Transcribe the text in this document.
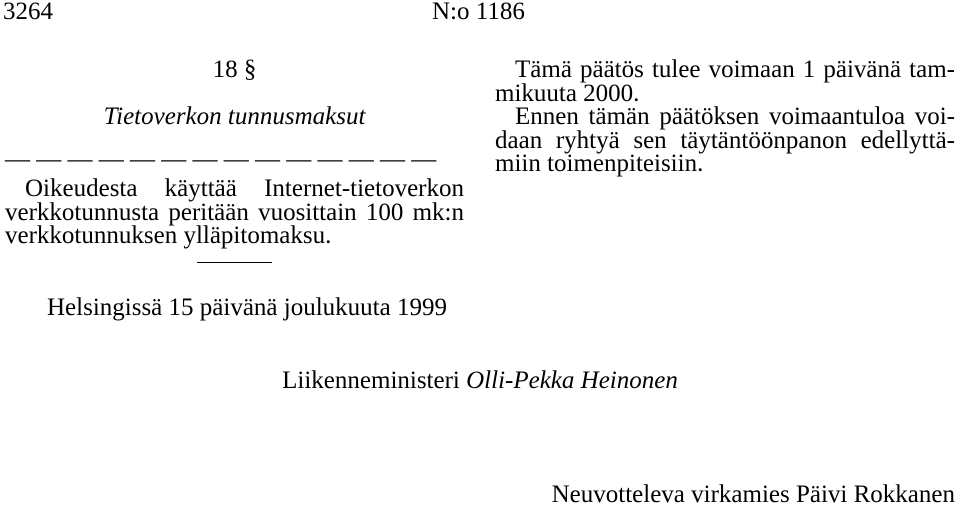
3264	N:o 1186
18 §
Tietoverkon tunnusmaksut
— — — — — — — — — — — — — —
Oikeudesta käyttää Internet-tietoverkon
verkkotunnusta peritään vuosittain 100 mk:n
verkkotunnuksen ylläpitomaksu.
Tämä päätös tulee voimaan 1 päivänä tam-
mikuuta 2000.
Ennen tämän päätöksen voimaantuloa voi-
daan ryhtyä sen täytäntöönpanon edellyttä-
miin toimenpiteisiin.
Helsingissä 15 päivänä joulukuuta 1999
Liikenneministeri Olli-Pekka Heinonen
Neuvotteleva virkamies Päivi Rokkanen
